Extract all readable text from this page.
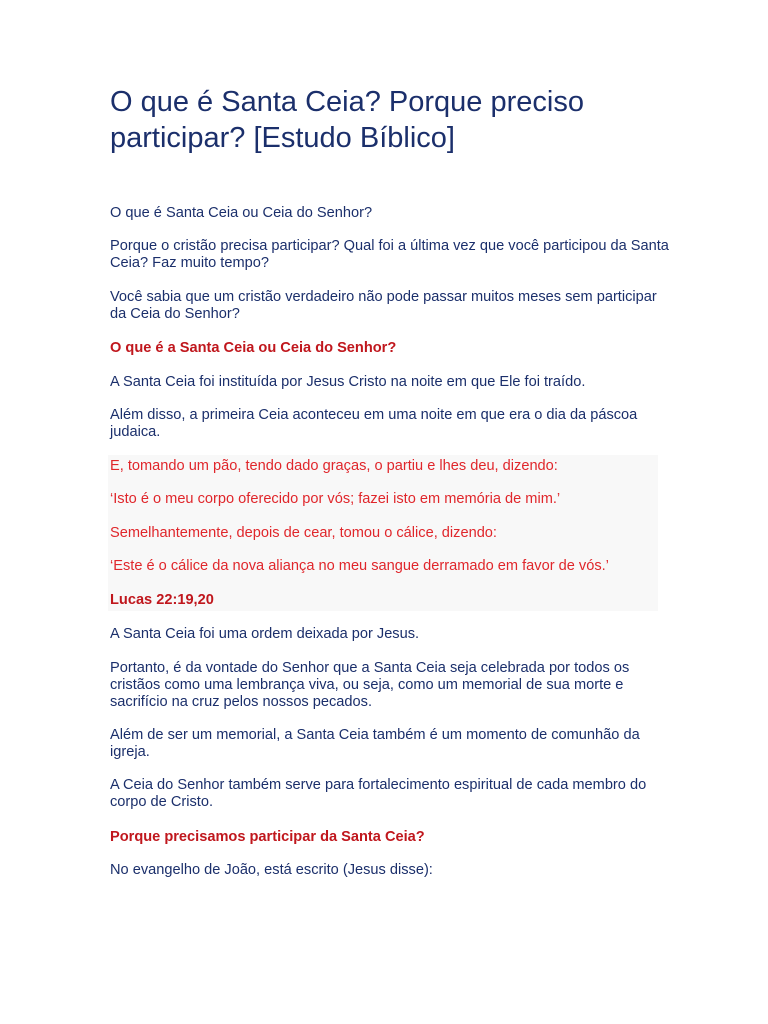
O que é Santa Ceia? Porque preciso participar? [Estudo Bíblico]

O que é Santa Ceia ou Ceia do Senhor?

Porque o cristão precisa participar? Qual foi a última vez que você participou da Santa Ceia? Faz muito tempo?

Você sabia que um cristão verdadeiro não pode passar muitos meses sem participar da Ceia do Senhor?

O que é a Santa Ceia ou Ceia do Senhor?

A Santa Ceia foi instituída por Jesus Cristo na noite em que Ele foi traído.

Além disso, a primeira Ceia aconteceu em uma noite em que era o dia da páscoa judaica.

E, tomando um pão, tendo dado graças, o partiu e lhes deu, dizendo:

‘Isto é o meu corpo oferecido por vós; fazei isto em memória de mim.’

Semelhantemente, depois de cear, tomou o cálice, dizendo:

‘Este é o cálice da nova aliança no meu sangue derramado em favor de vós.’

Lucas 22:19,20

A Santa Ceia foi uma ordem deixada por Jesus.

Portanto, é da vontade do Senhor que a Santa Ceia seja celebrada por todos os cristãos como uma lembrança viva, ou seja, como um memorial de sua morte e sacrifício na cruz pelos nossos pecados.

Além de ser um memorial, a Santa Ceia também é um momento de comunhão da igreja.

A Ceia do Senhor também serve para fortalecimento espiritual de cada membro do corpo de Cristo.

Porque precisamos participar da Santa Ceia?

No evangelho de João, está escrito (Jesus disse):
